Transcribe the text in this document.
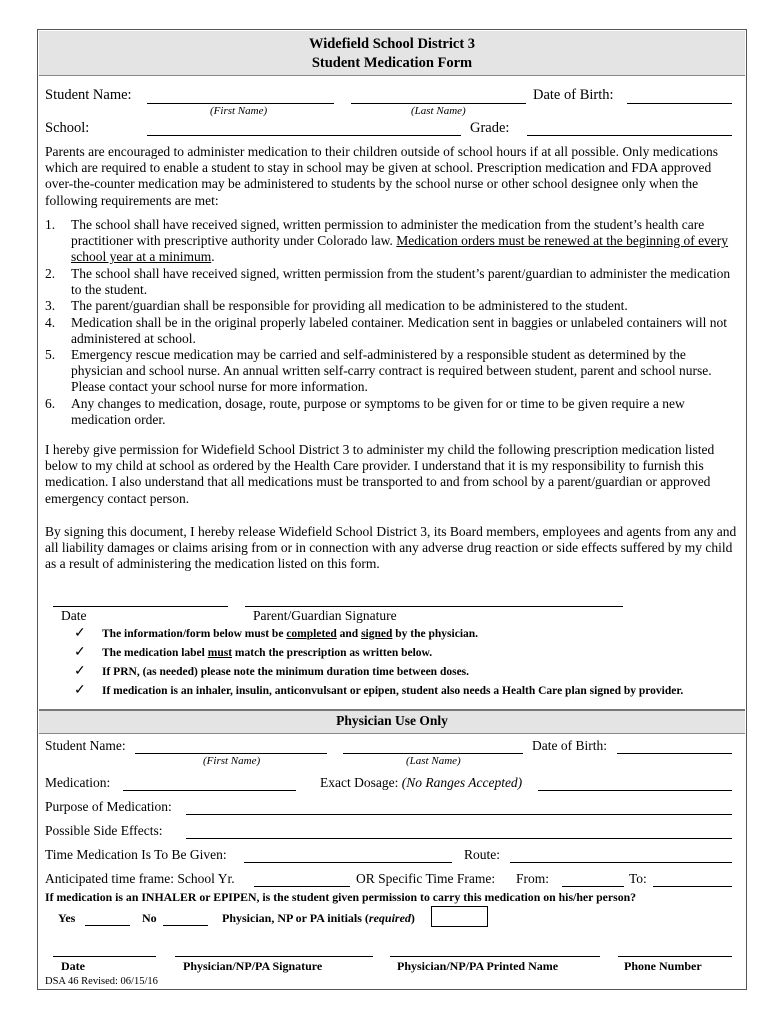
Widefield School District 3
Student Medication Form
Student Name:
(First Name)	(Last Name)
Date of Birth:
School:	Grade:
Parents are encouraged to administer medication to their children outside of school hours if at all possible. Only medications which are required to enable a student to stay in school may be given at school. Prescription medication and FDA approved over-the-counter medication may be administered to students by the school nurse or other school designee only when the following requirements are met:
1. The school shall have received signed, written permission to administer the medication from the student’s health care practitioner with prescriptive authority under Colorado law. Medication orders must be renewed at the beginning of every school year at a minimum.
2. The school shall have received signed, written permission from the student’s parent/guardian to administer the medication to the student.
3. The parent/guardian shall be responsible for providing all medication to be administered to the student.
4. Medication shall be in the original properly labeled container. Medication sent in baggies or unlabeled containers will not administered at school.
5. Emergency rescue medication may be carried and self-administered by a responsible student as determined by the physician and school nurse. An annual written self-carry contract is required between student, parent and school nurse. Please contact your school nurse for more information.
6. Any changes to medication, dosage, route, purpose or symptoms to be given for or time to be given require a new medication order.
I hereby give permission for Widefield School District 3 to administer my child the following prescription medication listed below to my child at school as ordered by the Health Care provider. I understand that it is my responsibility to furnish this medication. I also understand that all medications must be transported to and from school by a parent/guardian or approved emergency contact person.
By signing this document, I hereby release Widefield School District 3, its Board members, employees and agents from any and all liability damages or claims arising from or in connection with any adverse drug reaction or side effects suffered by my child as a result of administering the medication listed on this form.
Date	Parent/Guardian Signature
✓ The information/form below must be completed and signed by the physician.
✓ The medication label must match the prescription as written below.
✓ If PRN, (as needed) please note the minimum duration time between doses.
✓ If medication is an inhaler, insulin, anticonvulsant or epipen, student also needs a Health Care plan signed by provider.
Physician Use Only
Student Name:
(First Name)	(Last Name)
Date of Birth:
Medication:	Exact Dosage: (No Ranges Accepted)
Purpose of Medication:
Possible Side Effects:
Time Medication Is To Be Given:	Route:
Anticipated time frame: School Yr.	OR Specific Time Frame: From:	To:
If medication is an INHALER or EPIPEN, is the student given permission to carry this medication on his/her person?
Yes	No	Physician, NP or PA initials (required)
Date	Physician/NP/PA Signature	Physician/NP/PA Printed Name	Phone Number
DSA 46 Revised: 06/15/16
